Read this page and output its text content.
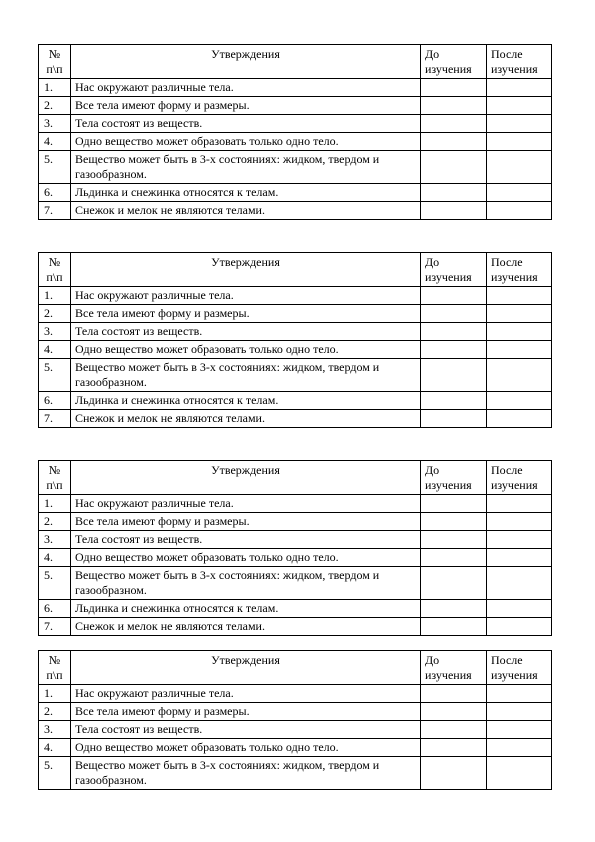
№
п\п	Утверждения	До изучения	После изучения
1.	Нас окружают различные тела.		
2.	Все тела имеют форму и размеры.		
3.	Тела состоят из веществ.		
4.	Одно вещество может образовать только одно тело.		
5.	Вещество может быть в 3-х состояниях: жидком, твердом и газообразном.		
6.	Льдинка и снежинка относятся к телам.		
7.	Снежок и мелок не являются телами.		
№
п\п	Утверждения	До изучения	После изучения
1.	Нас окружают различные тела.		
2.	Все тела имеют форму и размеры.		
3.	Тела состоят из веществ.		
4.	Одно вещество может образовать только одно тело.		
5.	Вещество может быть в 3-х состояниях: жидком, твердом и газообразном.		
6.	Льдинка и снежинка относятся к телам.		
7.	Снежок и мелок не являются телами.		
№
п\п	Утверждения	До изучения	После изучения
1.	Нас окружают различные тела.		
2.	Все тела имеют форму и размеры.		
3.	Тела состоят из веществ.		
4.	Одно вещество может образовать только одно тело.		
5.	Вещество может быть в 3-х состояниях: жидком, твердом и газообразном.		
6.	Льдинка и снежинка относятся к телам.		
7.	Снежок и мелок не являются телами.		
№
п\п	Утверждения	До изучения	После изучения
1.	Нас окружают различные тела.		
2.	Все тела имеют форму и размеры.		
3.	Тела состоят из веществ.		
4.	Одно вещество может образовать только одно тело.		
5.	Вещество может быть в 3-х состояниях: жидком, твердом и газообразном.		
